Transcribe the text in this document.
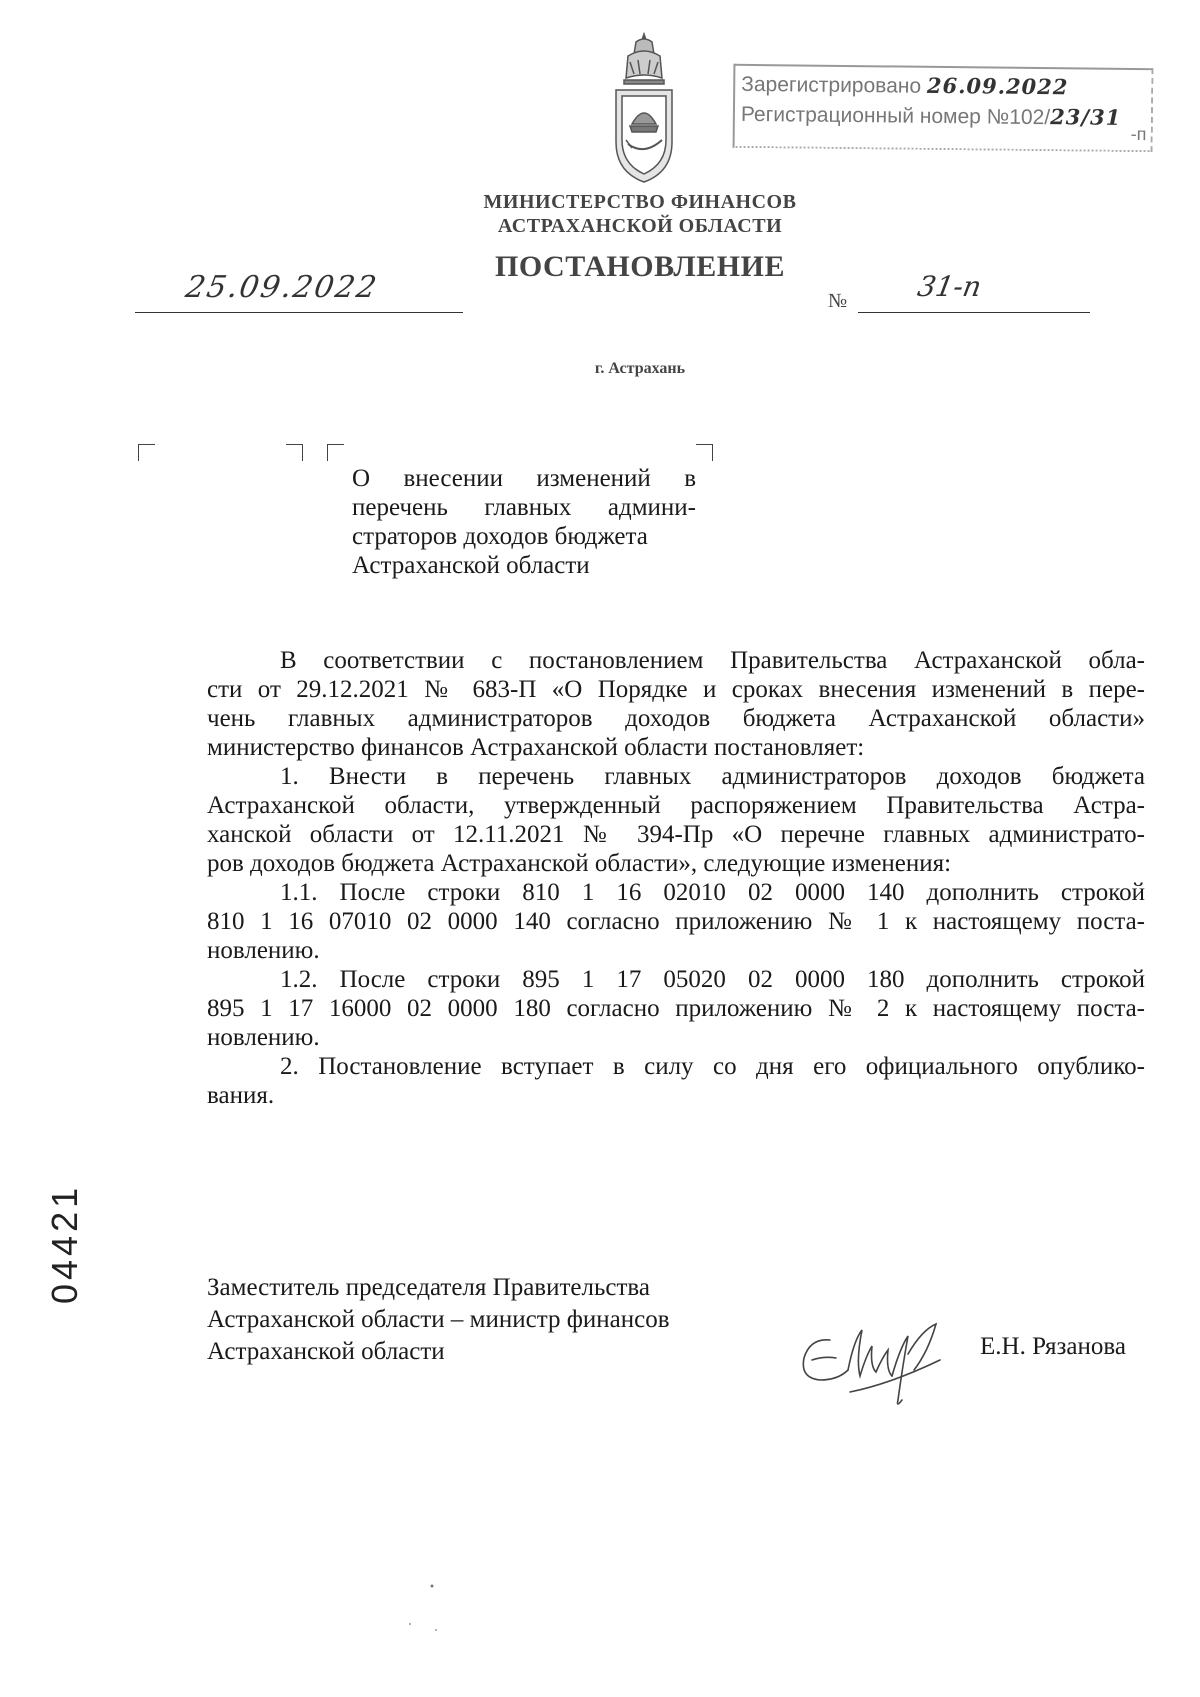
Зарегистрировано 26.09.2022
Регистрационный номер №102/23/31
-п
МИНИСТЕРСТВО ФИНАНСОВ
АСТРАХАНСКОЙ ОБЛАСТИ
ПОСТАНОВЛЕНИЕ
25.09.2022	№ 31-п
г. Астрахань
О внесении изменений в
перечень главных админи-
страторов доходов бюджета
Астраханской области
В соответствии с постановлением Правительства Астраханской обла-
сти от 29.12.2021 № 683-П «О Порядке и сроках внесения изменений в пере-
чень главных администраторов доходов бюджета Астраханской области»
министерство финансов Астраханской области постановляет:
1. Внести в перечень главных администраторов доходов бюджета
Астраханской области, утвержденный распоряжением Правительства Астра-
ханской области от 12.11.2021 № 394-Пр «О перечне главных администрато-
ров доходов бюджета Астраханской области», следующие изменения:
1.1. После строки 810 1 16 02010 02 0000 140 дополнить строкой
810 1 16 07010 02 0000 140 согласно приложению № 1 к настоящему поста-
новлению.
1.2. После строки 895 1 17 05020 02 0000 180 дополнить строкой
895 1 17 16000 02 0000 180 согласно приложению № 2 к настоящему поста-
новлению.
2. Постановление вступает в силу со дня его официального опублико-
вания.
Заместитель председателя Правительства
Астраханской области – министр финансов
Астраханской области	Е.Н. Рязанова
04421
